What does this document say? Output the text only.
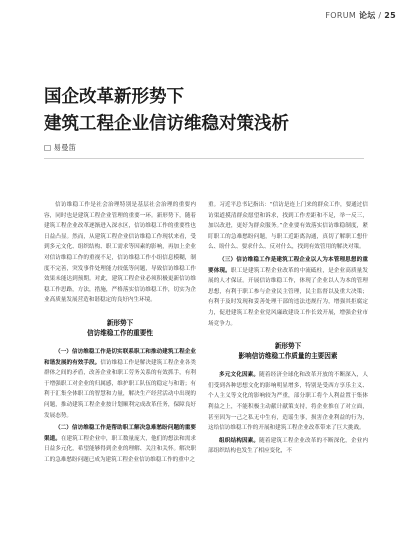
FORUM 论坛 / 25
国企改革新形势下
建筑工程企业信访维稳对策浅析
□ 易曼笛

信访维稳工作是社会治理特别是基层社会治理的重要内容，同时也是建筑工程企业管理的重要一环。新形势下，随着建筑工程企业改革逐渐进入深水区，信访维稳工作的重要性也日益凸显。然而，从建筑工程企业信访维稳工作现状来看，受到多元文化、组织结构、职工需求等因素的影响，再加上企业对信访维稳工作的重视不足，信访维稳工作小组信息模糊，制度不完善，突发事件处理能力较低等问题，导致信访维稳工作效果未能达到预期。对此，建筑工程企业必须积极更新信访维稳工作思路，方法，措施，严格落实信访维稳工作，切实为企业高质量发展营造和谐稳定的良好内生环境。

新形势下
信访维稳工作的重要性

（一）信访维稳工作是切实联系职工和推动建筑工程企业和谐发展的有效手段。信访维稳工作是解决建筑工程企业各类群体之间的矛盾，改善企业和职工劳务关系的有效抓手，有利于增强职工对企业的归属感，维护职工队伍的稳定与和谐；有利于汇集全体职工的智慧和力量，解决生产经营活动中出现的问题，推动建筑工程企业按计划顺利完成改革任务，保障良好发展态势。

（二）信访维稳工作是帮助职工解决急难愁盼问题的重要渠道。在建筑工程企业中，职工数量庞大，他们的想法和需求日益多元化，希望能够得到企业的理解、关注和关怀。解决职工的急难愁盼问题已成为建筑工程企业信访维稳工作的重中之

重。习近平总书记指出：“信访是连上门来的群众工作，要通过信访渠道摸清群众愿望和诉求，找到工作差距和不足，举一反三，加以改进，更好为群众服务。”企业要有效落实信访维稳制度，紧盯职工的急难愁盼问题，与职工近距离沟通，真切了解职工想什么、盼什么、要求什么、反对什么，找到有效管用的解决对策。

（三）信访维稳工作是建筑工程企业以人为本管理思想的重要体现。职工是建筑工程企业改革的中流砥柱，是企业高质量发展的人才保证。开展信访维稳工作，体现了企业以人为本的管理思想，有利于职工参与企业民主管理，民主监督以及重大决策；有利于及时发现和妥善处理干部的违法违规行为，增强其拒腐定力，促进建筑工程企业党风廉政建设工作长效开展，增强企业市场竞争力。

新形势下
影响信访维稳工作质量的主要因素

多元文化因素。随着经济全球化和改革开放的不断深入，人们受到各种思想文化的影响明显增多，特别是受西方享乐主义、个人主义等文化的影响较为严重，部分职工将个人利益置于集体利益之上，不能积极主动献计献策支持，将企业推在了对立面，甚至因为一己之私无中生有，造谣生事，损害企业利益的行为，这给信访维稳工作的开展和建筑工程企业改革带来了巨大挑战。

组织结构因素。随着建筑工程企业改革的不断深化，企业内部组织结构也发生了相应变化，不
